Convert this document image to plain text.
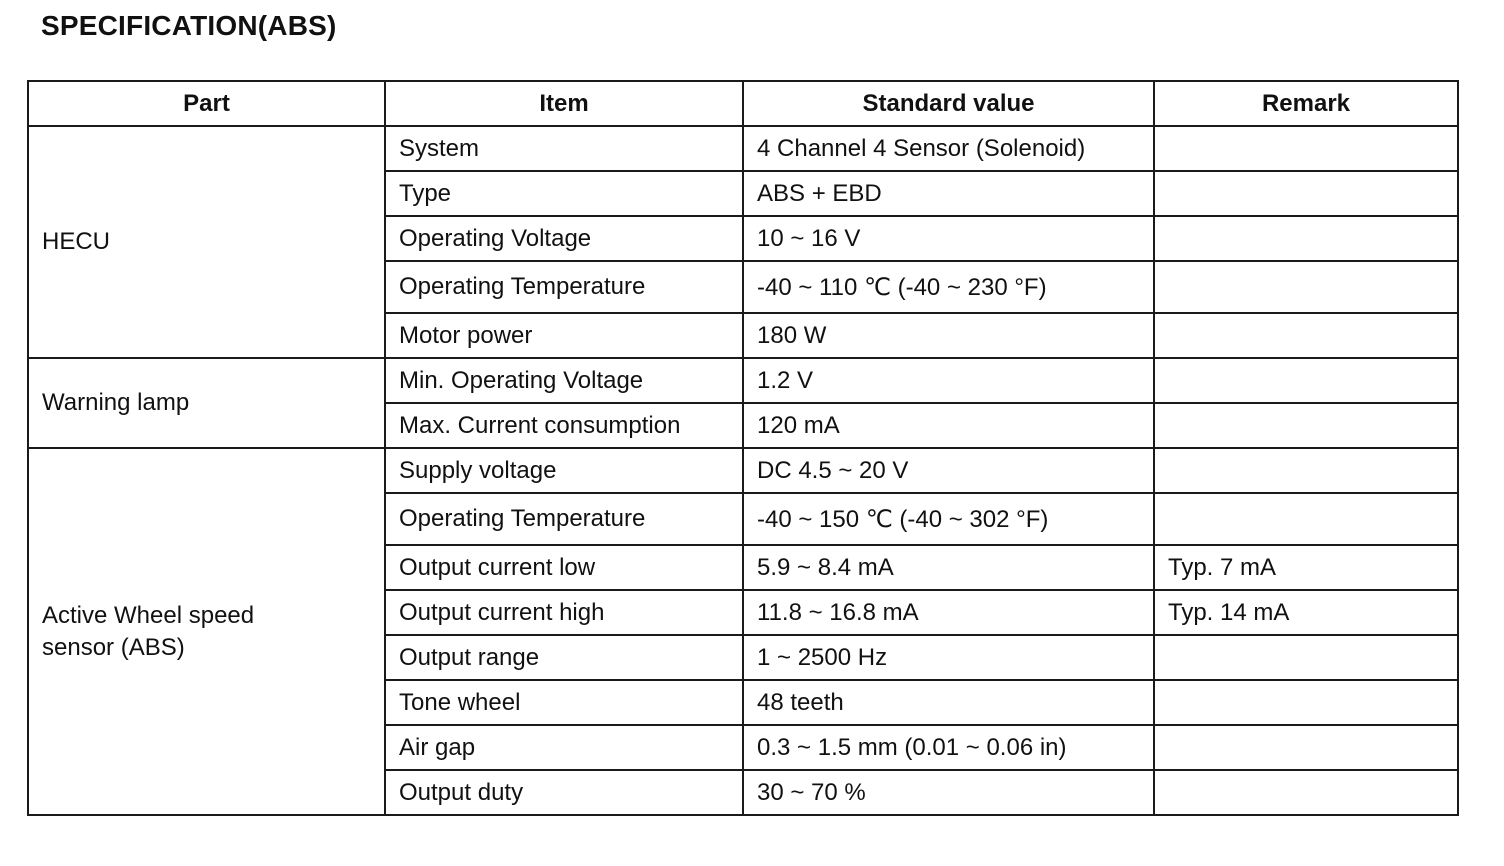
SPECIFICATION(ABS)
Part	Item	Standard value	Remark

HECU	System	4 Channel 4 Sensor (Solenoid)	
	Type	ABS + EBD	
	Operating Voltage	10 ~ 16 V	
	Operating Temperature	-40 ~ 110 ℃ (-40 ~ 230 °F)	
	Motor power	180 W	

Warning lamp	Min. Operating Voltage	1.2 V	
	Max. Current consumption	120 mA	

Active Wheel speed
sensor (ABS)	Supply voltage	DC 4.5 ~ 20 V	
	Operating Temperature	-40 ~ 150 ℃ (-40 ~ 302 °F)	
	Output current low	5.9 ~ 8.4 mA	Typ. 7 mA
	Output current high	11.8 ~ 16.8 mA	Typ. 14 mA
	Output range	1 ~ 2500 Hz	
	Tone wheel	48 teeth	
	Air gap	0.3 ~ 1.5 mm (0.01 ~ 0.06 in)	
	Output duty	30 ~ 70 %	
